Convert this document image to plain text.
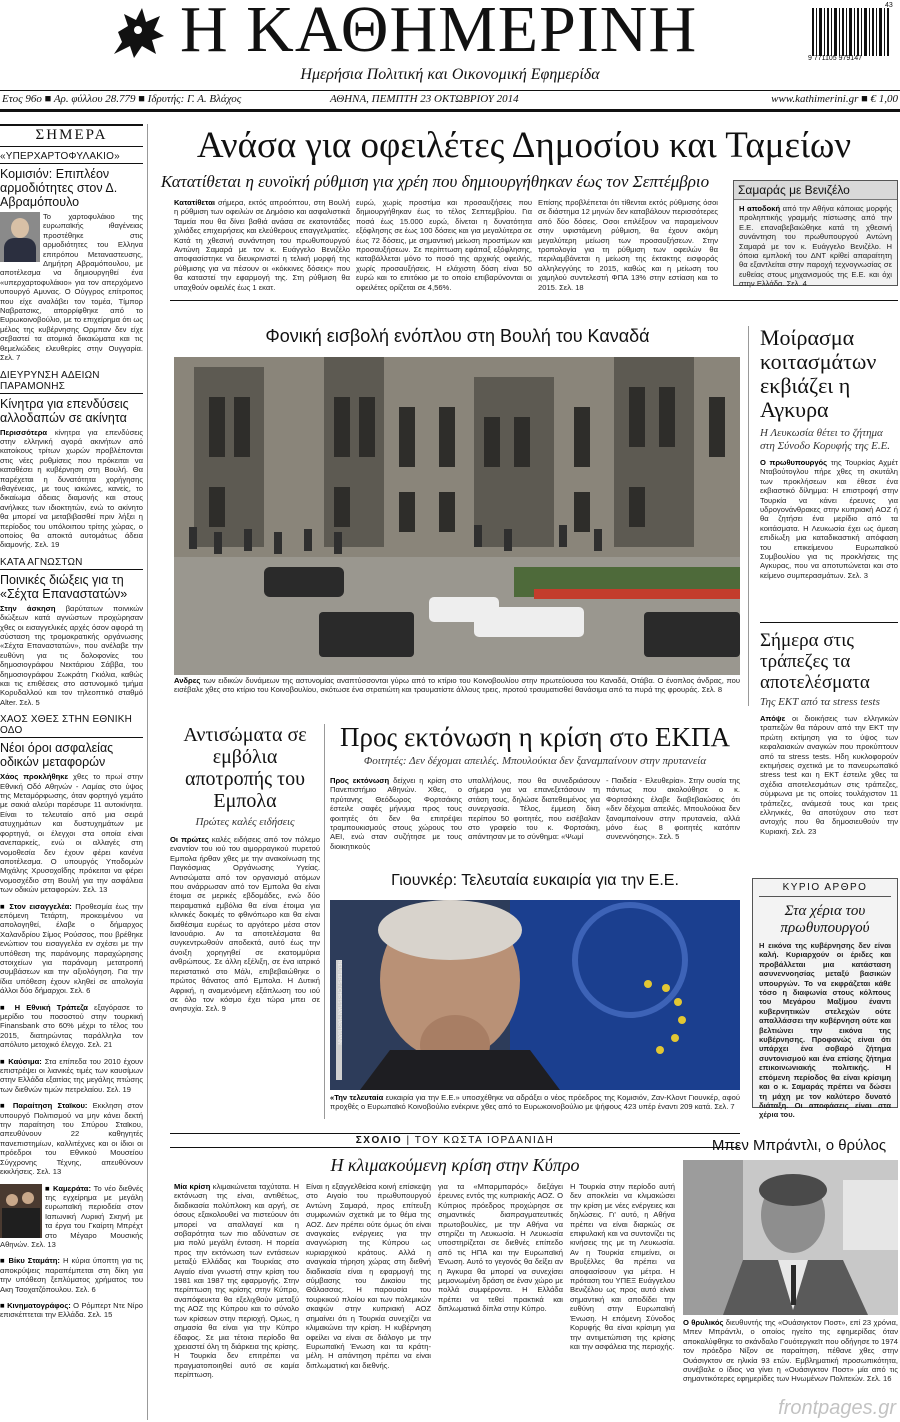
Η ΚΑΘΗΜΕΡΙΝΗ
Ημερήσια Πολιτική και Οικονομική Εφημερίδα
9 771105 979147
43
Ετος 96ο ■ Αρ. φύλλου 28.779 ■ Ιδρυτής: Γ. Α. Βλάχος	ΑΘΗΝΑ, ΠΕΜΠΤΗ 23 ΟΚΤΩΒΡΙΟΥ 2014	www.kathimerini.gr ■ € 1,00
ΣΗΜΕΡΑ
«ΥΠΕΡΧΑΡΤΟΦΥΛΑΚΙΟ»
Κομισιόν: Επιπλέον αρμοδιότητες στον Δ. Αβραμόπουλο
Το χαρτοφυλάκιο της ευρωπαϊκής ιθαγένειας προστέθηκε στις αρμοδιότητες του Ελληνα επιτρόπου Μεταναστευσης, Δημήτρη Αβραμόπουλου, με αποτέλεσμα να δημιουργηθεί ένα «υπερχαρτοφυλάκιο» για τον απερχόμενο υπουργό Αμυνας. Ο Ούγγρος επίτροπος που είχε αναλάβει τον τομέα, Τίμπορ Ναβρατσικς, απορρίφθηκε από το Ευρωκοινοβούλιο, με το επιχείρημα ότι ως μέλος της κυβέρνησης Ορμπαν δεν είχε σεβαστεί τα ατομικά δικαιώματα και τις θεμελιώδεις ελευθερίες στην Ουγγαρία. Σελ. 7
ΔΙΕΥΡΥΝΣΗ ΑΔΕΙΩΝ ΠΑΡΑΜΟΝΗΣ
Κίνητρα για επενδύσεις αλλοδαπών σε ακίνητα
Περισσότερα κίνητρα για επενδύσεις στην ελληνική αγορά ακινήτων από κατοίκους τρίτων χωρών προβλέπονται στις νέες ρυθμίσεις που πρόκειται να καταθέσει η κυβέρνηση στη Βουλή. Θα παρέχεται η δυνατότητα χορήγησης ιθαγένειας, με τους ιακώνες, κανείς, το δικαίωμα άδειας διαμονής και στους ανήλικες των ιδιοκτητών, ενώ το ακίνητο θα μπορεί να μεταβιβασθεί πριν λήξει η περίοδος του υπόλοιπου τρίτης χώρας, ο οποίος θα αποκτά αυτομάτως άδεια διαμονής. Σελ. 19
ΚΑΤΑ ΑΓΝΩΣΤΩΝ
Ποινικές διώξεις για τη «Σέχτα Επαναστατών»
Στην άσκηση βαρύτατων ποινικών διώξεων κατά αγνώστων προχώρησαν χθες οι εισαγγελικές αρχές όσον αφορά τη σύσταση της τρομοκρατικής οργάνωσης «Σέχτα Επαναστατών», που ανέλαβε την ευθύνη για τις δολοφονίες του δημοσιογράφου Νεκτάριου Σάββα, του δημοσιογράφου Σωκράτη Γκιόλια, καθώς και τις επιθέσεις στο αστυνομικό τμήμα Κορυδαλλού και τον τηλεοπτικό σταθμό Alter. Σελ. 5
ΧΑΟΣ ΧΘΕΣ ΣΤΗΝ ΕΘΝΙΚΗ ΟΔΟ
Νέοι όροι ασφαλείας οδικών μεταφορών
Χάος προκλήθηκε χθες το πρωί στην Εθνική Οδό Αθηνών - Λαμίας στο ύψος της Μεταμόρφωσης, όταν φορτηγό γεμάτο με σακιά αλεύρι παρέσυρε 11 αυτοκίνητα. Είναι το τελευταίο από μια σειρά ατυχημάτων και δυστυχημάτων με φορτηγά, οι έλεγχοι στα οποία είναι ανεπαρκείς, ενώ οι αλλαγές στη νομοθεσία δεν έχουν φέρει κανένα αποτέλεσμα. Ο υπουργός Υποδομών Μιχάλης Χρυσοχοΐδης πρόκειται να φέρει νομοσχέδιο στη Βουλή για την ασφάλεια των οδικών μεταφορών. Σελ. 13
■ Στον εισαγγελέα: Προθεσμία έως την επόμενη Τετάρτη, προκειμένου να απολογηθεί, έλαβε ο δήμαρχος Χαλανδρίου Σίμος Ρούσσος, που βρέθηκε ενώπιον του εισαγγελέα εν σχέσει με την υπόθεση της παράνομης παραχώρησης στοιχείων για παράνομη μετατροπή συμβάσεων και την αξιολόγηση. Για την ίδια υπόθεση έχουν κληθεί σε απολογία άλλοι δύο δήμαρχοι. Σελ. 6
■ Η Εθνική Τράπεζα εξαγόρασε το μερίδιο του ποσοστού στην τουρκική Finansbank στο 60% μέχρι το τέλος του 2015, διατηρώντας παράλληλα τον απόλυτο μετοχικό έλεγχο. Σελ. 21
■ Καύσιμα: Στα επίπεδα του 2010 έχουν επιστρέψει οι λιανικές τιμές των καυσίμων στην Ελλάδα εξαιτίας της μεγάλης πτώσης των διεθνών τιμών πετρελαίου. Σελ. 19
■ Παραίτηση Σταϊκου: Εκκληση στον υπουργό Πολιτισμού να μην κάνει δεκτή την παραίτηση του Σπύρου Σταϊκου, απευθύνουν 22 καθηγητές πανεπιστημίων, καλλιτέχνες και οι ίδιοι οι πρόεδροι του Εθνικού Μουσείου Σύγχρονης Τέχνης, απευθύνουν εκκλήσεις. Σελ. 13
■ Καμεράτα: Το νέο διεθνές της εγχείρημα με μεγάλη ευρωπαϊκή περιοδεία στον Ιαπωνική Λυρική Σκηνή με τα έργα του Γκαίρτη Μπρέχτ στο Μέγαρο Μουσικής Αθηνών. Σελ. 13
■ Βίκυ Σταμάτη: Η κύρια ύποπτη για τις αποκρύψεις παραπέμπεται στη δίκη για την υπόθεση ξεπλύματος χρήματος του Ακη Τσοχατζόπουλου. Σελ. 6
■ Κινηματογράφος: Ο Ρόμπερτ Ντε Νίρο επισκέπτεται την Ελλάδα. Σελ. 15
Ανάσα για οφειλέτες Δημοσίου και Ταμείων
Κατατίθεται η ευνοϊκή ρύθμιση για χρέη που δημιουργήθηκαν έως τον Σεπτέμβριο
Κατατίθεται σήμερα, εκτός απροόπτου, στη Βουλή η ρύθμιση των οφειλών σε Δημόσιο και ασφαλιστικά Ταμεία που θα δίνει βαθιά ανάσα σε εκατοντάδες χιλιάδες επιχειρήσεις και ελεύθερους επαγγελματίες. Κατά τη χθεσινή συνάντηση του πρωθυπουργού Αντώνη Σαμαρά με τον κ. Ευάγγελο Βενιζέλο αποφασίστηκε να διευκρινιστεί η τελική μορφή της ρύθμισης για να πέσουν οι «κόκκινες δόσεις» που θα καταστεί την εφαρμογή της. Στη ρύθμιση θα υπαχθούν οφειλές έως 1 εκατ.
ευρώ, χωρίς προστίμα και προσαυξήσεις που δημιουργήθηκαν έως το τέλος Σεπτεμβρίου. Για ποσά έως 15.000 ευρώ, δίνεται η δυνατότητα εξόφλησης σε έως 100 δόσεις και για μεγαλύτερα σε έως 72 δόσεις, με σημαντική μείωση προστίμων και προσαυξήσεων. Σε περίπτωση εφάπαξ εξόφλησης, καταβάλλεται μόνο το ποσό της αρχικής οφειλής, χωρίς προσαυξήσεις. Η ελάχιστη δόση είναι 50 ευρώ και το επιτόκιο με το οποίο επιβαρύνονται οι οφειλέτες ορίζεται σε 4,56%.
Επίσης προβλέπεται ότι τίθενται εκτός ρύθμισης όσοι σε διάστημα 12 μηνών δεν καταβάλουν περισσότερες από δύο δόσεις. Οσοι επιλέξουν να παραμείνουν στην υφιστάμενη ρύθμιση, θα έχουν ακόμη μεγαλύτερη μείωση των προσαυξήσεων. Στην τροπολογία για τη ρύθμιση των οφειλών θα περιλαμβάνεται η μείωση της έκτακτης εισφοράς αλληλεγγύης το 2015, καθώς και η μείωση του χαμηλού συντελεστή ΦΠΑ 13% στην εστίαση και το 2015. Σελ. 18
Σαμαράς με Βενιζέλο
Η αποδοκή από την Αθήνα κάποιας μορφής προληπτικής γραμμής πίστωσης από την Ε.Ε. επαναβεβαιώθηκε κατά τη χθεσινή συνάντηση του πρωθυπουργού Αντώνη Σαμαρά με τον κ. Ευάγγελο Βενιζέλο. Η όποια εμπλοκή του ΔΝΤ κρίθεί απαραίτητη θα εξαντλείται στην παροχή τεχνογνωσίας σε ευθείας στους μηχανισμούς της Ε.Ε. και όχι στην Ελλάδα. Σελ. 4
Φονική εισβολή ενόπλου στη Βουλή του Καναδά
Ανδρες των ειδικών δυνάμεων της αστυνομίας αναπτύσσονται γύρω από το κτίριο του Κοινοβουλίου στην πρωτεύουσα του Καναδά, Οτάβα. Ο ένοπλος άνδρας, που εισέβαλε χθες στο κτίριο του Κοινοβουλίου, σκότωσε ένα στρατιώτη και τραυματίστε άλλους τρεις, προτού τραυματισθεί θανάσιμα από τα πυρά της φρουράς. Σελ. 8
Μοίρασμα κοιτασμάτων εκβιάζει η Αγκυρα
Η Λευκωσία θέτει το ζήτημα στη Σύνοδο Κορυφής της Ε.Ε.
Ο πρωθυπουργός της Τουρκίας Αχμέτ Νταβούτογλου πήρε χθες τη σκυτάλη των προκλήσεων και έθεσε ένα εκβιαστικό δίλημμα: Η επιστροφή στην Τουρκία να κάνει έρευνες για υδρογονάνθρακες στην κυπριακή ΑΟΖ ή θα ζητήσει ένα μερίδιο από τα κοιτάσματα. Η Λευκωσία έχει ως άμεση επιδίωξη μια καταδικαστική απόφαση του επικείμενου Ευρωπαϊκού Συμβουλίου για τις προκλήσεις της Αγκυρας, που να αποτυπώνεται και στο κείμενο συμπερασμάτων. Σελ. 3
Σήμερα στις τράπεζες τα αποτελέσματα
Της ΕΚΤ από τα stress tests
Απόψε οι διοικήσεις των ελληνικών τραπεζών θα πάρουν από την ΕΚΤ την πρώτη εκτίμηση για το ύψος των κεφαλαιακών αναγκών που προκύπτουν από τα stress tests. Ηδη κυκλοφορούν εκτιμήσεις σχετικά με το πανευρωπαϊκό stress test και η ΕΚΤ έστειλε χθες τα σχέδια αποτελεσμάτων στις τράπεζες, σύμφωνα με τις οποίες τουλάχιστον 11 τράπεζες, ανάμεσά τους και τρεις ελληνικές, θα αποτύχουν στο τεστ αντοχής που θα δημοσιευθούν την Κυριακή. Σελ. 23
Αντισώματα σε εμβόλια αποτροπής του Εμπολα
Πρώτες καλές ειδήσεις
Οι πρώτες καλές ειδήσεις από τον πόλεμο εναντίον του ιού του αιμορραγικού πυρετού Εμπολα ήρθαν χθες με την ανακοίνωση της Παγκόσμιας Οργάνωσης Υγείας. Αντισώματα από τον οργανισμό ατόμων που ανάρρωσαν από τον Εμπολα θα είναι έτοιμα σε μερικές εβδομάδες, ενώ δύο πειραματικά εμβόλια θα είναι έτοιμα για κλινικές δοκιμές το φθινόπωρο και θα είναι διαθέσιμα ευρέως το αργότερο μέσα στον Ιανουάριο. Αν τα αποτελέσματα θα συγκεντρωθούν αποδεκτά, αυτό έως την άνοιξη χορηγηθεί σε εκατομμύρια ανθρώπους. Σε άλλη εξέλιξη, σε ένα ιατρικό περιστατικό στο Μάλι, επιβεβαιώθηκε ο πρώτος θάνατος από Εμπολα. Η Δυτική Αφρική, η αναμενόμενη εξάπλωση του ιού σε όλο τον κόσμο έχει τώρα μπει σε ανησυχία. Σελ. 9
Προς εκτόνωση η κρίση στο ΕΚΠΑ
Φοιτητές: Δεν δέχομαι απειλές. Μπουλούκια δεν ξαναμπαίνουν στην πρυτανεία
Προς εκτόνωση δείχνει η κρίση στο Πανεπιστήμιο Αθηνών. Χθες, ο πρύτανης Θεόδωρος Φορτσάκης έστειλε σαφές μήνυμα προς τους φοιτητές ότι δεν θα επιτρέψει τραμπουκισμούς στους χώρους του ΑΕΙ, ενώ σταν συζήτησε με τους διοικητικούς
υπαλλήλους, που θα συνεδριάσουν σήμερα για να επανεξετάσουν τη στάση τους, δηλώσε διατεθειμένος για συνεργασία. Τέλος, έμμεση δίκη περίπου 50 φοιτητές, που εισέβαλαν στο γραφείο του κ. Φορτσάκη, απάντησαν με το σύνθημα: «Ψωμί
- Παιδεία - Ελευθερία». Στην ουσία της πάντως που ακολούθησε ο κ. Φορτσάκης έλαβε διαβεβαιώσεις ότι «δεν δέχομαι απειλές. Μπουλούκια δεν ξαναμπαίνουν στην πρυτανεία, αλλά μόνο έως 8 φοιτητές κατόπιν συνεννόησης». Σελ. 5
Γιουνκέρ: Τελευταία ευκαιρία για την Ε.Ε.
REUTERS / CHRISTIAN HARTMANN
«Την τελευταία ευκαιρία για την Ε.Ε.» υποσχέθηκε να αδράξει ο νέος πρόεδρος της Κομισιόν, Ζαν-Κλοντ Γιουνκέρ, αφού προχθές ο Ευρωπαϊκό Κοινοβούλιο ενέκρινε χθες από το Ευρωκοινοβούλιο με ψήφους 423 υπέρ έναντι 209 κατά. Σελ. 7
ΚΥΡΙΟ ΑΡΘΡΟ
Στα χέρια του πρωθυπουργού
Η εικόνα της κυβέρνησης δεν είναι καλή. Κυριαρχούν οι έριδες και προβάλλεται μια κατάσταση ασυνεννοησίας μεταξύ βασικών υπουργών. Το να εκφράζεται κάθε τόσο η διαφωνία στους κόλπους του Μεγάρου Μαξίμου έναντι κυβερνητικών στελεχών ούτε απαλλάσσει την κυβέρνηση ούτε και βελτιώνει την εικόνα της κυβέρνησης. Προφανώς είναι ότι υπάρχει ένα σοβαρό ζήτημα συντονισμού και ένα επίσης ζήτημα επικοινωνιακής πολιτικής. Η επόμενη περίοδος θα είναι κρίσιμη και ο κ. Σαμαράς πρέπει να δώσει τη μάχη με τον καλύτερο δυνατό διάταξη. Οι αποφάσεις είναι στα χέρια του.
ΣΧΟΛΙΟ | ΤΟΥ ΚΩΣΤΑ ΙΟΡΔΑΝΙΔΗ
Η κλιμακούμενη κρίση στην Κύπρο
Μία κρίση κλιμακώνεται ταχύτατα. Η εκτόνωση της είναι, αντιθέτως, διαδικασία πολύπλοκη και αργή, σε όσους εξακολουθεί να πιστεύουν ότι μπορεί να απαλλαγεί και η σοβαρότητα των πιο αδύνατων σε μια πολύ μεγάλη ένταση. Η πορεία προς την εκτόνωση των εντάσεων μεταξύ Ελλάδας και Τουρκίας στο Αιγαίο είναι γνωστή στην κρίση του 1981 και 1987 της εφαρμογής. Στην περίπτωση της κρίσης στην Κύπρο, αναπόφευκτα θα εξελιχθούν μεταξύ της ΑΟΖ της Κύπρου και το σύνολο των κρίσεων στην περιοχή. Ομως, η σημασία θα είναι για την Κύπρο έδαφος. Σε μια τέτοια περίοδο θα χρειαστεί όλη τη διάρκεια της κρίσης. Η Τουρκία δεν επιτρέπει να πραγματοποιηθεί αυτό σε καμία περίπτωση.
Είναι η εξαγγελθείσα κοινή επίσκεψη στο Αιγαίο του πρωθυπουργού Αντώνη Σαμαρά, προς επίτευξη συμφωνιών σχετικά με το θέμα της ΑΟΖ. Δεν πρέπει ούτε όμως ότι είναι αναγκαίες ενέργειες για την αναγνώριση της Κύπρου ως κυριαρχικού κράτους. Αλλά η αναγκαία τήρηση χώρας στη διεθνή διαδικασία είναι η εφαρμογή της σύμβασης του Δικαίου της Θάλασσας. Η παρουσία του τουρκικού πλοίου και των πολεμικών σκαφών στην κυπριακή ΑΟΖ σημαίνει ότι η Τουρκία συνεχίζει να κλιμακώνει την κρίση. Η κυβέρνηση οφείλει να είναι σε διάλογο με την Ευρωπαϊκή Ένωση και τα κράτη-μέλη. Η απάντηση πρέπει να είναι διπλωματική και διεθνής.
για τα «Μπαρμπαρός» διεξάγει έρευνες εντός της κυπριακής ΑΟΖ. Ο Κύπριος πρόεδρος προχώρησε σε σημαντικές διαπραγματευτικές πρωτοβουλίες, με την Αθήνα να στηρίζει τη Λευκωσία. Η Λευκωσία υποστηρίζεται σε διεθνές επίπεδο από τις ΗΠΑ και την Ευρωπαϊκή Ένωση. Αυτό το γεγονός θα δείξει αν η Άγκυρα θα μπορεί να συνεχίσει μεμονωμένη δράση σε έναν χώρο με πολλά συμφέροντα. Η Ελλάδα πρέπει να τεθεί πρακτικά και διπλωματικά δίπλα στην Κύπρο.
Η Τουρκία στην περίοδο αυτή δεν αποκλείει να κλιμακώσει την κρίση με νέες ενέργειες και δηλώσεις. Γι' αυτό, η Αθήνα πρέπει να είναι διαρκώς σε επιφυλακή και να συντονίζει τις κινήσεις της με τη Λευκωσία. Αν η Τουρκία επιμείνει, οι Βρυξέλλες θα πρέπει να αποφασίσουν για μέτρα. Η πρόταση του ΥΠΕΞ Ευάγγελου Βενιζέλου ως προς αυτό είναι σημαντική και αποδίδει την ευθύνη στην Ευρωπαϊκή Ένωση. Η επόμενη Σύνοδος Κορυφής θα είναι κρίσιμη για την αντιμετώπιση της κρίσης και την ασφάλεια της περιοχής.
Μπεν Μπράντλι, ο θρύλος
Ο θρυλικός διευθυντής της «Ουάσιγκτον Ποστ», επί 23 χρόνια, Μπεν Μπράντλι, ο οποίος ηγείτο της εφημερίδας όταν αποκαλύφθηκε το σκάνδαλο Γουότεργκεϊτ που οδήγησε το 1974 τον πρόεδρο Νίξον σε παραίτηση, πέθανε χθες στην Ουάσιγκτον σε ηλικία 93 ετών. Εμβληματική προσωπικότητα, συνέβαλε ο ίδιος να γίνει η «Ουάσιγκτον Ποστ» μία από τις σημαντικότερες εφημερίδες των Ηνωμένων Πολιτειών. Σελ. 16
frontpages.gr
